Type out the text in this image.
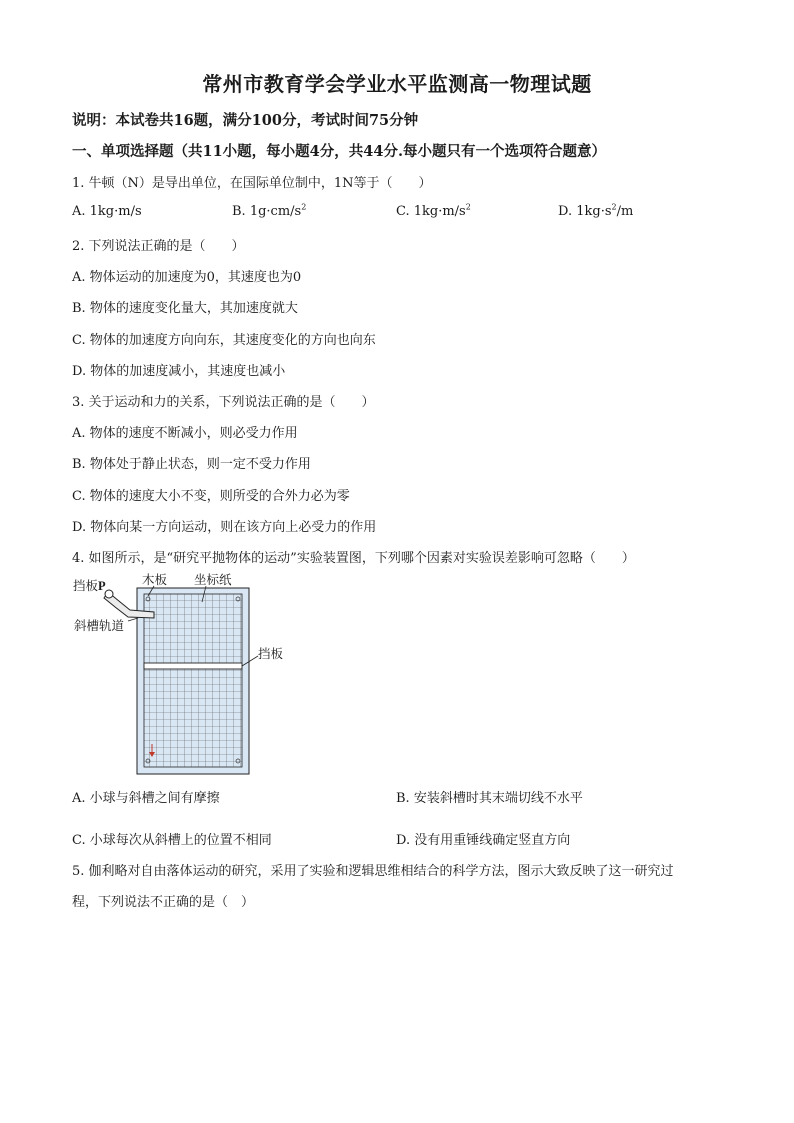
常州市教育学会学业水平监测高一物理试题
说明：本试卷共16题，满分100分，考试时间75分钟
一、单项选择题（共11小题，每小题4分，共44分.每小题只有一个选项符合题意）
1. 牛顿（N）是导出单位，在国际单位制中，1N等于（　　）
A. 1kg·m/s	B. $1g\cdot cm/s^2$	C. $1kg\cdot m/s^2$	D. $1kg\cdot s^2/m$
2. 下列说法正确的是（　　）
A. 物体运动的加速度为0，其速度也为0
B. 物体的速度变化量大，其加速度就大
C. 物体的加速度方向向东，其速度变化的方向也向东
D. 物体的加速度减小，其速度也减小
3. 关于运动和力的关系，下列说法正确的是（　　）
A. 物体的速度不断减小，则必受力作用
B. 物体处于静止状态，则一定不受力作用
C. 物体的速度大小不变，则所受的合外力必为零
D. 物体向某一方向运动，则在该方向上必受力的作用
4. 如图所示，是“研究平抛物体的运动”实验装置图，下列哪个因素对实验误差影响可忽略（　　）
挡板P	木板 坐标纸
斜槽轨道
挡板
A. 小球与斜槽之间有摩擦	B. 安装斜槽时其末端切线不水平
C. 小球每次从斜槽上的位置不相同	D. 没有用重锤线确定竖直方向
5. 伽利略对自由落体运动的研究，采用了实验和逻辑思维相结合的科学方法，图示大致反映了这一研究过
程，下列说法不正确的是（　）
